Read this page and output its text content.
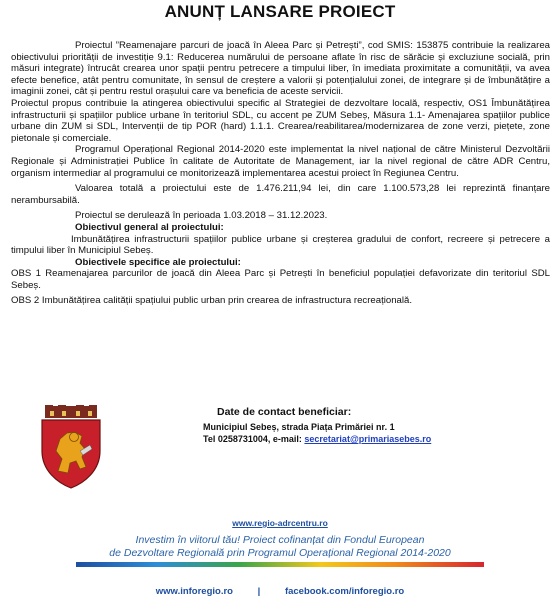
ANUNȚ LANSARE PROIECT

Proiectul ”Reamenajare parcuri de joacă în Aleea Parc și Petrești”, cod SMIS: 153875 contribuie la realizarea obiectivului priorității de investiție 9.1: Reducerea numărului de persoane aflate în risc de sărăcie și excluziune socială, prin măsuri integrate) întrucât crearea unor spații pentru petrecere a timpului liber, în imediata proximitate a comunității, va avea efecte benefice, atât pentru comunitate, în sensul de creștere a valorii și potențialului zonei, de integrare și de îmbunătățire a imaginii zonei, cât și pentru restul orașului care va beneficia de aceste servicii.

Proiectul propus contribuie la atingerea obiectivului specific al Strategiei de dezvoltare locală, respectiv, OS1 Îmbunătățirea infrastructurii și spațiilor publice urbane în teritoriul SDL, cu accent pe ZUM Sebeș, Măsura 1.1- Amenajarea spațiilor publice urbane din ZUM si SDL, Intervenții de tip POR (hard) 1.1.1. Crearea/reabilitarea/modernizarea de zone verzi, piețete, zone pietonale și comerciale.

Programul Operațional Regional 2014-2020 este implementat la nivel național de către Ministerul Dezvoltării Regionale și Administrației Publice în calitate de Autoritate de Management, iar la nivel regional de către ADR Centru, organism intermediar al programului ce monitorizează implementarea acestui proiect în Regiunea Centru.

Valoarea totală a proiectului este de 1.476.211,94 lei, din care 1.100.573,28 lei reprezintă finanțare nerambursabilă.

Proiectul se derulează în perioada 1.03.2018 – 31.12.2023.

Obiectivul general al proiectului:

Imbunătățirea infrastructurii spațiilor publice urbane și creșterea gradului de confort, recreere și petrecere a timpului liber în Municipiul Sebeș.

Obiectivele specifice ale proiectului:

OBS 1 Reamenajarea parcurilor de joacă din Aleea Parc și Petrești în beneficiul populației defavorizate din teritoriul SDL Sebeș.

OBS 2 Imbunătățirea calității spațiului public urban prin crearea de infrastructura recreațională.

Date de contact beneficiar:

Municipiul Sebeș, strada Piața Primăriei nr. 1

Tel 0258731004, e-mail: secretariat@primariasebes.ro

www.regio-adrcentru.ro
Investim în viitorul tău! Proiect cofinanțat din Fondul European
de Dezvoltare Regională prin Programul Operațional Regional 2014-2020
www.inforegio.ro	|	facebook.com/inforegio.ro
